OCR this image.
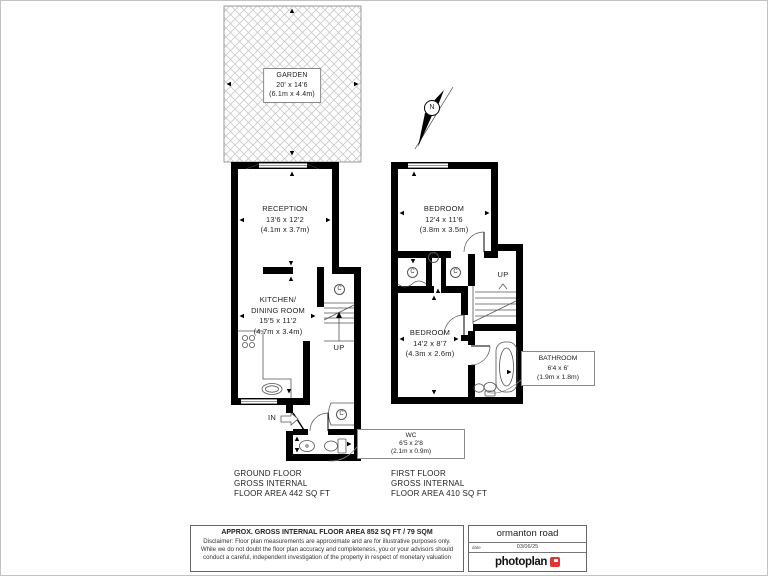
GARDEN
20' x 14'6
(6.1m x 4.4m)
RECEPTION
13'6 x 12'2
(4.1m x 3.7m)
KITCHEN/
DINING ROOM
15'5 x 11'2
(4.7m x 3.4m)
BEDROOM
12'4 x 11'6
(3.8m x 3.5m)
BEDROOM
14'2 x 8'7
(4.3m x 2.6m)
WC
6'5 x 2'8
(2.1m x 0.9m)
BATHROOM
6'4 x 6'
(1.9m x 1.8m)
UP
UP
IN
N
C
C
C
C	C
GROUND FLOOR
GROSS INTERNAL
FLOOR AREA 442 SQ FT
FIRST FLOOR
GROSS INTERNAL
FLOOR AREA 410 SQ FT
APPROX. GROSS INTERNAL FLOOR AREA 852 SQ FT / 79 SQM
Disclaimer: Floor plan measurements are approximate and are for illustrative purposes only.
While we do not doubt the floor plan accuracy and completeness, you or your advisors should
conduct a careful, independent investigation of the property in respect of monetary valuation
ormanton road
date	03/06/25
photoplan
